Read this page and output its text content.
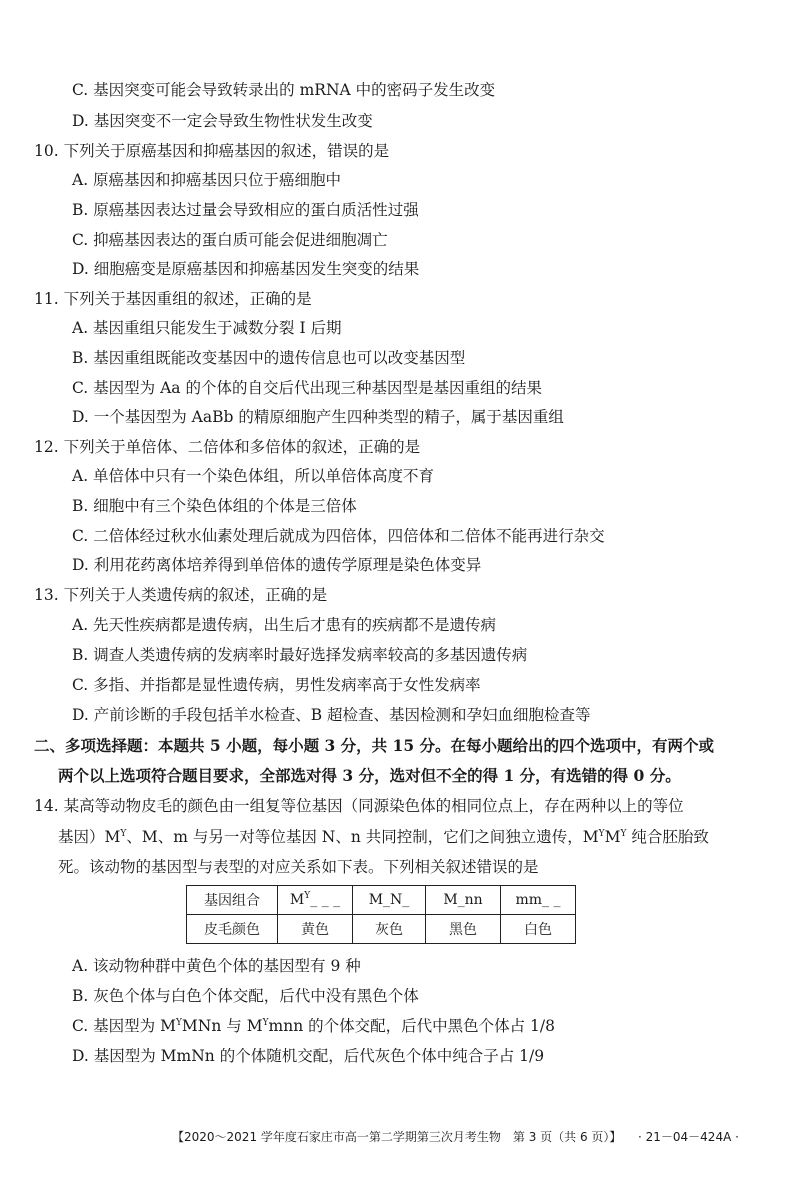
C. 基因突变可能会导致转录出的 mRNA 中的密码子发生改变
D. 基因突变不一定会导致生物性状发生改变
10. 下列关于原癌基因和抑癌基因的叙述，错误的是
A. 原癌基因和抑癌基因只位于癌细胞中
B. 原癌基因表达过量会导致相应的蛋白质活性过强
C. 抑癌基因表达的蛋白质可能会促进细胞凋亡
D. 细胞癌变是原癌基因和抑癌基因发生突变的结果
11. 下列关于基因重组的叙述，正确的是
A. 基因重组只能发生于减数分裂 Ⅰ 后期
B. 基因重组既能改变基因中的遗传信息也可以改变基因型
C. 基因型为 Aa 的个体的自交后代出现三种基因型是基因重组的结果
D. 一个基因型为 AaBb 的精原细胞产生四种类型的精子，属于基因重组
12. 下列关于单倍体、二倍体和多倍体的叙述，正确的是
A. 单倍体中只有一个染色体组，所以单倍体高度不育
B. 细胞中有三个染色体组的个体是三倍体
C. 二倍体经过秋水仙素处理后就成为四倍体，四倍体和二倍体不能再进行杂交
D. 利用花药离体培养得到单倍体的遗传学原理是染色体变异
13. 下列关于人类遗传病的叙述，正确的是
A. 先天性疾病都是遗传病，出生后才患有的疾病都不是遗传病
B. 调查人类遗传病的发病率时最好选择发病率较高的多基因遗传病
C. 多指、并指都是显性遗传病，男性发病率高于女性发病率
D. 产前诊断的手段包括羊水检查、B 超检查、基因检测和孕妇血细胞检查等
二、多项选择题：本题共 5 小题，每小题 3 分，共 15 分。在每小题给出的四个选项中，有两个或
两个以上选项符合题目要求，全部选对得 3 分，选对但不全的得 1 分，有选错的得 0 分。
14. 某高等动物皮毛的颜色由一组复等位基因（同源染色体的相同位点上，存在两种以上的等位
基因）$M^Y$、M、m 与另一对等位基因 N、n 共同控制，它们之间独立遗传，$M^YM^Y$ 纯合胚胎致
死。该动物的基因型与表型的对应关系如下表。下列相关叙述错误的是
基因组合	$M^Y\_$ _ _	M_N_	M_nn	mm_ _
皮毛颜色	黄色	灰色	黑色	白色
A. 该动物种群中黄色个体的基因型有 9 种
B. 灰色个体与白色个体交配，后代中没有黑色个体
C. 基因型为 $M^YMNn$ 与 $M^Ymnn$ 的个体交配，后代中黑色个体占 1/8
D. 基因型为 MmNn 的个体随机交配，后代灰色个体中纯合子占 1/9
【2020～2021 学年度石家庄市高一第二学期第三次月考生物　第 3 页（共 6 页）】 · 21－04－424A ·
